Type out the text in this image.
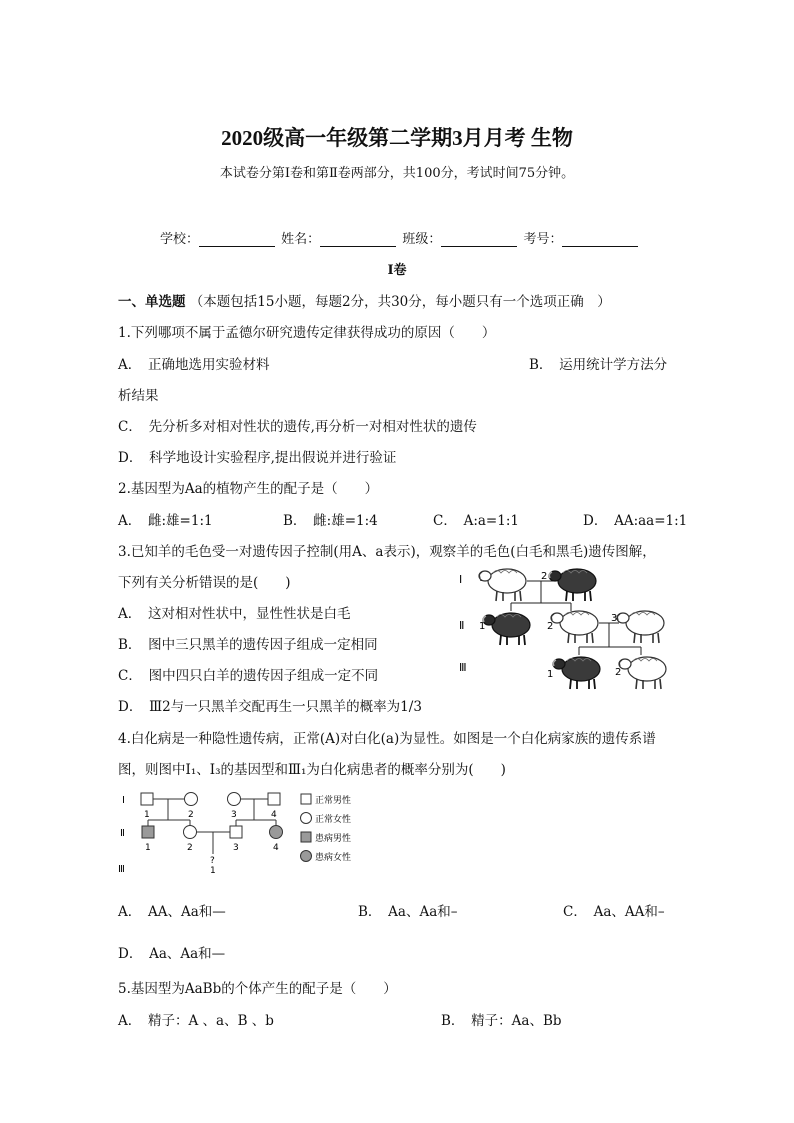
2020级高一年级第二学期3月月考 生物
本试卷分第Ⅰ卷和第Ⅱ卷两部分，共100分，考试时间75分钟。
学校：	姓名：	班级：	考号：
Ⅰ卷
一、单选题 （本题包括15小题，每题2分，共30分，每小题只有一个选项正确　）
1.下列哪项不属于孟德尔研究遗传定律获得成功的原因（　　）
A．　正确地选用实验材料	B．　运用统计学方法分
析结果
C．　先分析多对相对性状的遗传,再分析一对相对性状的遗传
D．　科学地设计实验程序,提出假说并进行验证
2.基因型为Aa的植物产生的配子是（　　）
A．　雌:雄=1:1	B．　雌:雄=1:4	C．　A:a=1:1	D．　AA:aa=1:1
3.已知羊的毛色受一对遗传因子控制(用A、a表示)，观察羊的毛色(白毛和黑毛)遗传图解，
下列有关分析错误的是(　　)
A．　这对相对性状中，显性性状是白毛
B．　图中三只黑羊的遗传因子组成一定相同
C．　图中四只白羊的遗传因子组成一定不同
D．　Ⅲ2与一只黑羊交配再生一只黑羊的概率为1/3
Ⅰ
Ⅱ
Ⅲ
2
1	2
3
1	2
4.白化病是一种隐性遗传病，正常(A)对白化(a)为显性。如图是一个白化病家族的遗传系谱
图，则图中Ⅰ₁、Ⅰ₃的基因型和Ⅲ₁为白化病患者的概率分别为(　　)
Ⅰ
Ⅱ
Ⅲ
1	2	3	4
1	2	3	4
?
1
正常男性
正常女性
患病男性
患病女性
A．　AA、Aa和—	B．　Aa、Aa和–	C．　Aa、AA和–
D．　Aa、Aa和—
5.基因型为AaBb的个体产生的配子是（　　）
A．　精子：A 、a、B 、b	B．　精子：Aa、Bb
